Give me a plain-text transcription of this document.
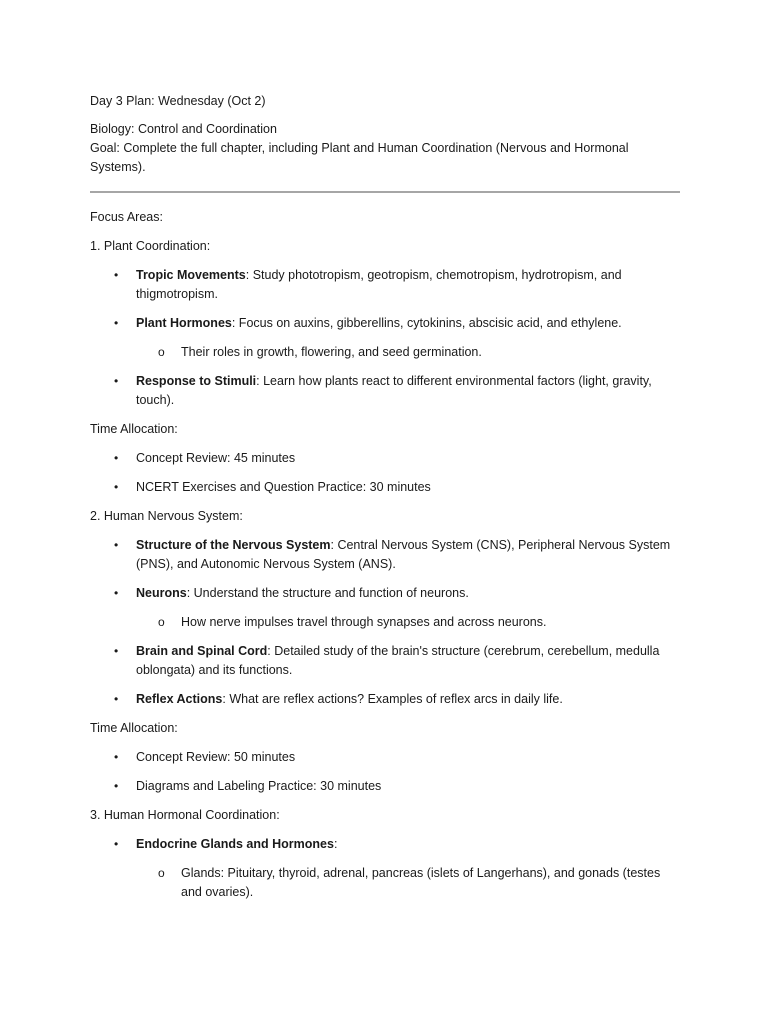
Day 3 Plan: Wednesday (Oct 2)
Biology: Control and Coordination
Goal: Complete the full chapter, including Plant and Human Coordination (Nervous and Hormonal Systems).
Focus Areas:
1. Plant Coordination:
• Tropic Movements: Study phototropism, geotropism, chemotropism, hydrotropism, and thigmotropism.
• Plant Hormones: Focus on auxins, gibberellins, cytokinins, abscisic acid, and ethylene.
o Their roles in growth, flowering, and seed germination.
• Response to Stimuli: Learn how plants react to different environmental factors (light, gravity, touch).
Time Allocation:
• Concept Review: 45 minutes
• NCERT Exercises and Question Practice: 30 minutes
2. Human Nervous System:
• Structure of the Nervous System: Central Nervous System (CNS), Peripheral Nervous System (PNS), and Autonomic Nervous System (ANS).
• Neurons: Understand the structure and function of neurons.
o How nerve impulses travel through synapses and across neurons.
• Brain and Spinal Cord: Detailed study of the brain's structure (cerebrum, cerebellum, medulla oblongata) and its functions.
• Reflex Actions: What are reflex actions? Examples of reflex arcs in daily life.
Time Allocation:
• Concept Review: 50 minutes
• Diagrams and Labeling Practice: 30 minutes
3. Human Hormonal Coordination:
• Endocrine Glands and Hormones:
o Glands: Pituitary, thyroid, adrenal, pancreas (islets of Langerhans), and gonads (testes and ovaries).
